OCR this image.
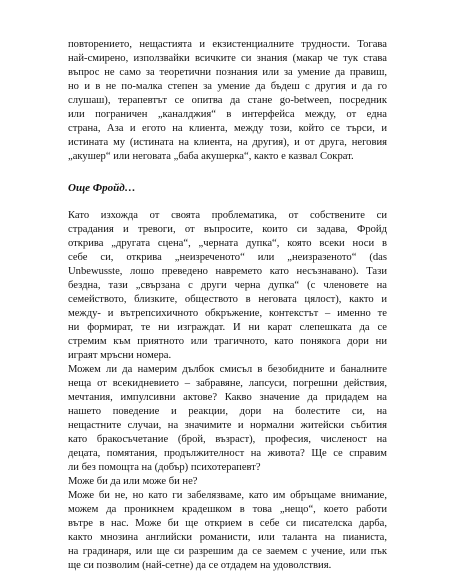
повторението, нещастията и екзистенциалните трудности. Тогава
най-смирено, използвайки всичките си знания (макар че тук става
въпрос не само за теоретични познания или за умение да правиш,
но и в не по-малка степен за умение да бъдеш с другия и да го
слушаш), терапевтът се опитва да стане go-between, посредник
или пограничен „каналджия“ в интерфейса между, от една
страна, Аза и егото на клиента, между този, който се търси, и
истината му (истината на клиента, на другия), и от друга, неговия
„акушер“ или неговата „баба акушерка“, както е казвал Сократ.
Още Фройд…
Като изхождa от своята проблематика, от собствените си
страдания и тревоги, от въпросите, които си задава, Фройд
открива „другата сцена“, „черната дупка“, която всеки носи в
себе си, открива „неизреченото“ или „неизразеното“ (das
Unbewusste, лошо преведено навремето като несъзнавано). Тази
бездна, тази „свързана с други черна дупка“ (с членовете на
семейството, близките, обществото в неговата цялост), както и
между- и вътрепсихичното обкръжение, контекстът – именно те
ни формират, те ни изграждат. И ни карат слепешката да се
стремим към приятното или трагичното, като понякога дори ни
играят мръсни номера.
Можем ли да намерим дълбок смисъл в безобидните и баналните
неща от всекидневието – забравяне, лапсуси, погрешни действия,
мечтания, импулсивни актове? Какво значение да придадем на
нашето поведение и реакции, дори на болестите си, на
нещастните случаи, на значимите и нормални житейски събития
като бракосъчетание (брой, възраст), професия, численост на
децата, помятания, продължителност на живота? Ще се справим
ли без помощта на (добър) психотерапевт?
Може би да или може би не?
Може би не, но като ги забелязваме, като им обръщаме внимание,
можем да проникнем крадешком в това „нещо“, което работи
вътре в нас. Може би ще открием в себе си писателска дарба,
както мнозина английски романисти, или таланта на пианиста,
на градинаря, или ще си разрешим да се заемем с учение, или пък
ще си позволим (най-сетне) да се отдадем на удоволствия.
